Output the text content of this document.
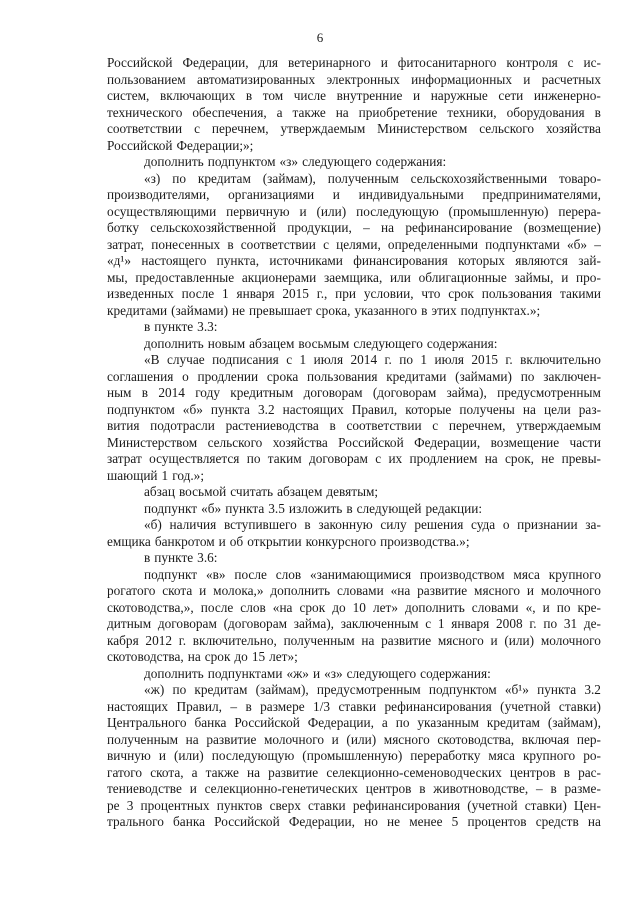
6
Российской Федерации, для ветеринарного и фитосанитарного контроля с ис-
пользованием автоматизированных электронных информационных и расчетных
систем, включающих в том числе внутренние и наружные сети инженерно-
технического обеспечения, а также на приобретение техники, оборудования в
соответствии с перечнем, утверждаемым Министерством сельского хозяйства
Российской Федерации;»;
дополнить подпунктом «з» следующего содержания:
«з) по кредитам (займам), полученным сельскохозяйственными товаро-
производителями, организациями и индивидуальными предпринимателями,
осуществляющими первичную и (или) последующую (промышленную) перера-
ботку сельскохозяйственной продукции, – на рефинансирование (возмещение)
затрат, понесенных в соответствии с целями, определенными подпунктами «б» –
«д¹» настоящего пункта, источниками финансирования которых являются зай-
мы, предоставленные акционерами заемщика, или облигационные займы, и про-
изведенных после 1 января 2015 г., при условии, что срок пользования такими
кредитами (займами) не превышает срока, указанного в этих подпунктах.»;
в пункте 3.3:
дополнить новым абзацем восьмым следующего содержания:
«В случае подписания с 1 июля 2014 г. по 1 июля 2015 г. включительно
соглашения о продлении срока пользования кредитами (займами) по заключен-
ным в 2014 году кредитным договорам (договорам займа), предусмотренным
подпунктом «б» пункта 3.2 настоящих Правил, которые получены на цели раз-
вития подотрасли растениеводства в соответствии с перечнем, утверждаемым
Министерством сельского хозяйства Российской Федерации, возмещение части
затрат осуществляется по таким договорам с их продлением на срок, не превы-
шающий 1 год.»;
абзац восьмой считать абзацем девятым;
подпункт «б» пункта 3.5 изложить в следующей редакции:
«б) наличия вступившего в законную силу решения суда о признании за-
емщика банкротом и об открытии конкурсного производства.»;
в пункте 3.6:
подпункт «в» после слов «занимающимися производством мяса крупного
рогатого скота и молока,» дополнить словами «на развитие мясного и молочного
скотоводства,», после слов «на срок до 10 лет» дополнить словами «, и по кре-
дитным договорам (договорам займа), заключенным с 1 января 2008 г. по 31 де-
кабря 2012 г. включительно, полученным на развитие мясного и (или) молочного
скотоводства, на срок до 15 лет»;
дополнить подпунктами «ж» и «з» следующего содержания:
«ж) по кредитам (займам), предусмотренным подпунктом «б¹» пункта 3.2
настоящих Правил, – в размере 1/3 ставки рефинансирования (учетной ставки)
Центрального банка Российской Федерации, а по указанным кредитам (займам),
полученным на развитие молочного и (или) мясного скотоводства, включая пер-
вичную и (или) последующую (промышленную) переработку мяса крупного ро-
гатого скота, а также на развитие селекционно-семеноводческих центров в рас-
тениеводстве и селекционно-генетических центров в животноводстве, – в разме-
ре 3 процентных пунктов сверх ставки рефинансирования (учетной ставки) Цен-
трального банка Российской Федерации, но не менее 5 процентов средств на
